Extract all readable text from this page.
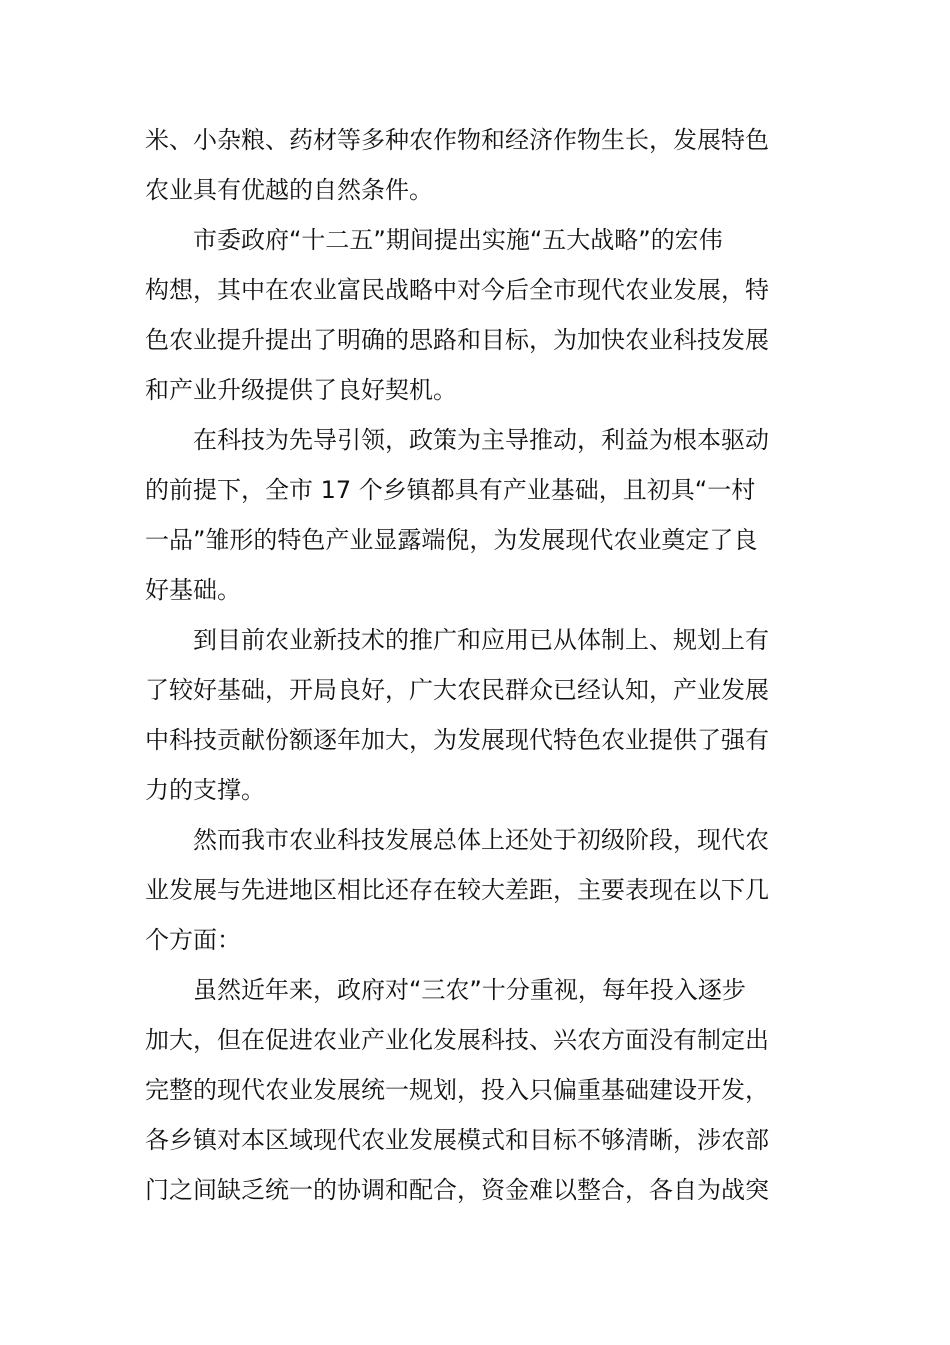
米、小杂粮、药材等多种农作物和经济作物生长，发展特色
农业具有优越的自然条件。

市委政府“十二五”期间提出实施“五大战略”的宏伟
构想，其中在农业富民战略中对今后全市现代农业发展，特
色农业提升提出了明确的思路和目标，为加快农业科技发展
和产业升级提供了良好契机。

在科技为先导引领，政策为主导推动，利益为根本驱动
的前提下，全市 17 个乡镇都具有产业基础，且初具“一村
一品”雏形的特色产业显露端倪，为发展现代农业奠定了良
好基础。

到目前农业新技术的推广和应用已从体制上、规划上有
了较好基础，开局良好，广大农民群众已经认知，产业发展
中科技贡献份额逐年加大，为发展现代特色农业提供了强有
力的支撑。

然而我市农业科技发展总体上还处于初级阶段，现代农
业发展与先进地区相比还存在较大差距，主要表现在以下几
个方面：

虽然近年来，政府对“三农”十分重视，每年投入逐步
加大，但在促进农业产业化发展科技、兴农方面没有制定出
完整的现代农业发展统一规划，投入只偏重基础建设开发，
各乡镇对本区域现代农业发展模式和目标不够清晰，涉农部
门之间缺乏统一的协调和配合，资金难以整合，各自为战突
